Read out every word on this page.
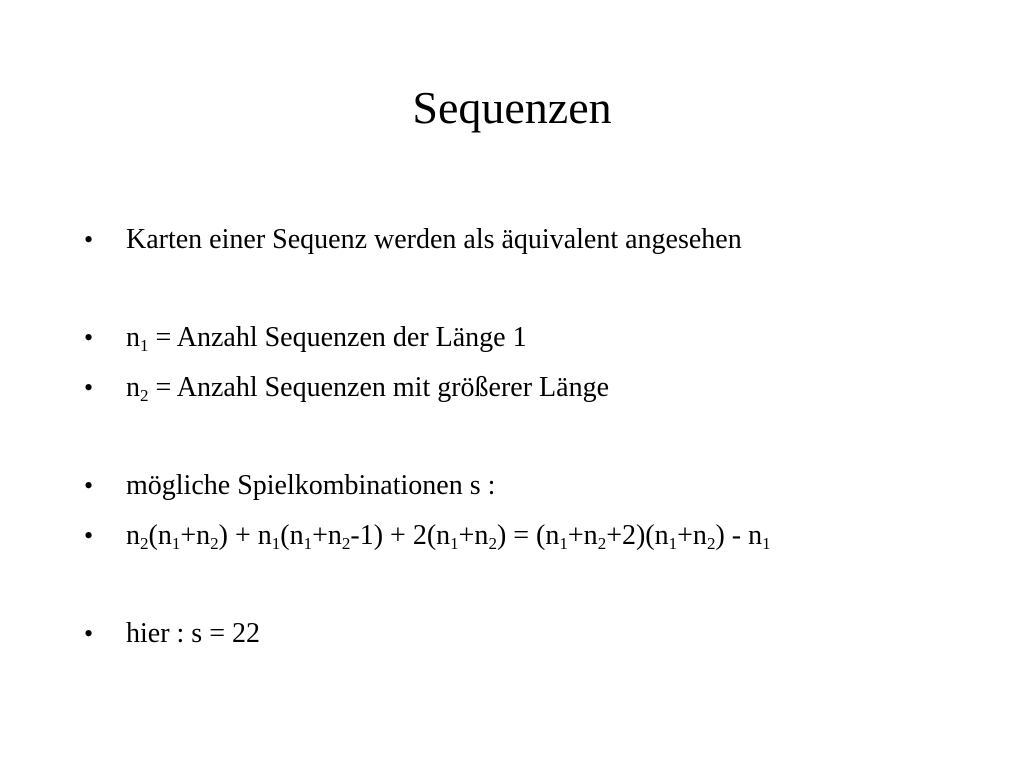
Sequenzen
• Karten einer Sequenz werden als äquivalent angesehen
• $n_1$ = Anzahl Sequenzen der Länge 1
• $n_2$ = Anzahl Sequenzen mit größerer Länge
• mögliche Spielkombinationen s :
• $n_2(n_1+n_2) + n_1(n_1+n_2-1) + 2(n_1+n_2) = (n_1+n_2+2)(n_1+n_2) - n_1$
• hier : s = 22
